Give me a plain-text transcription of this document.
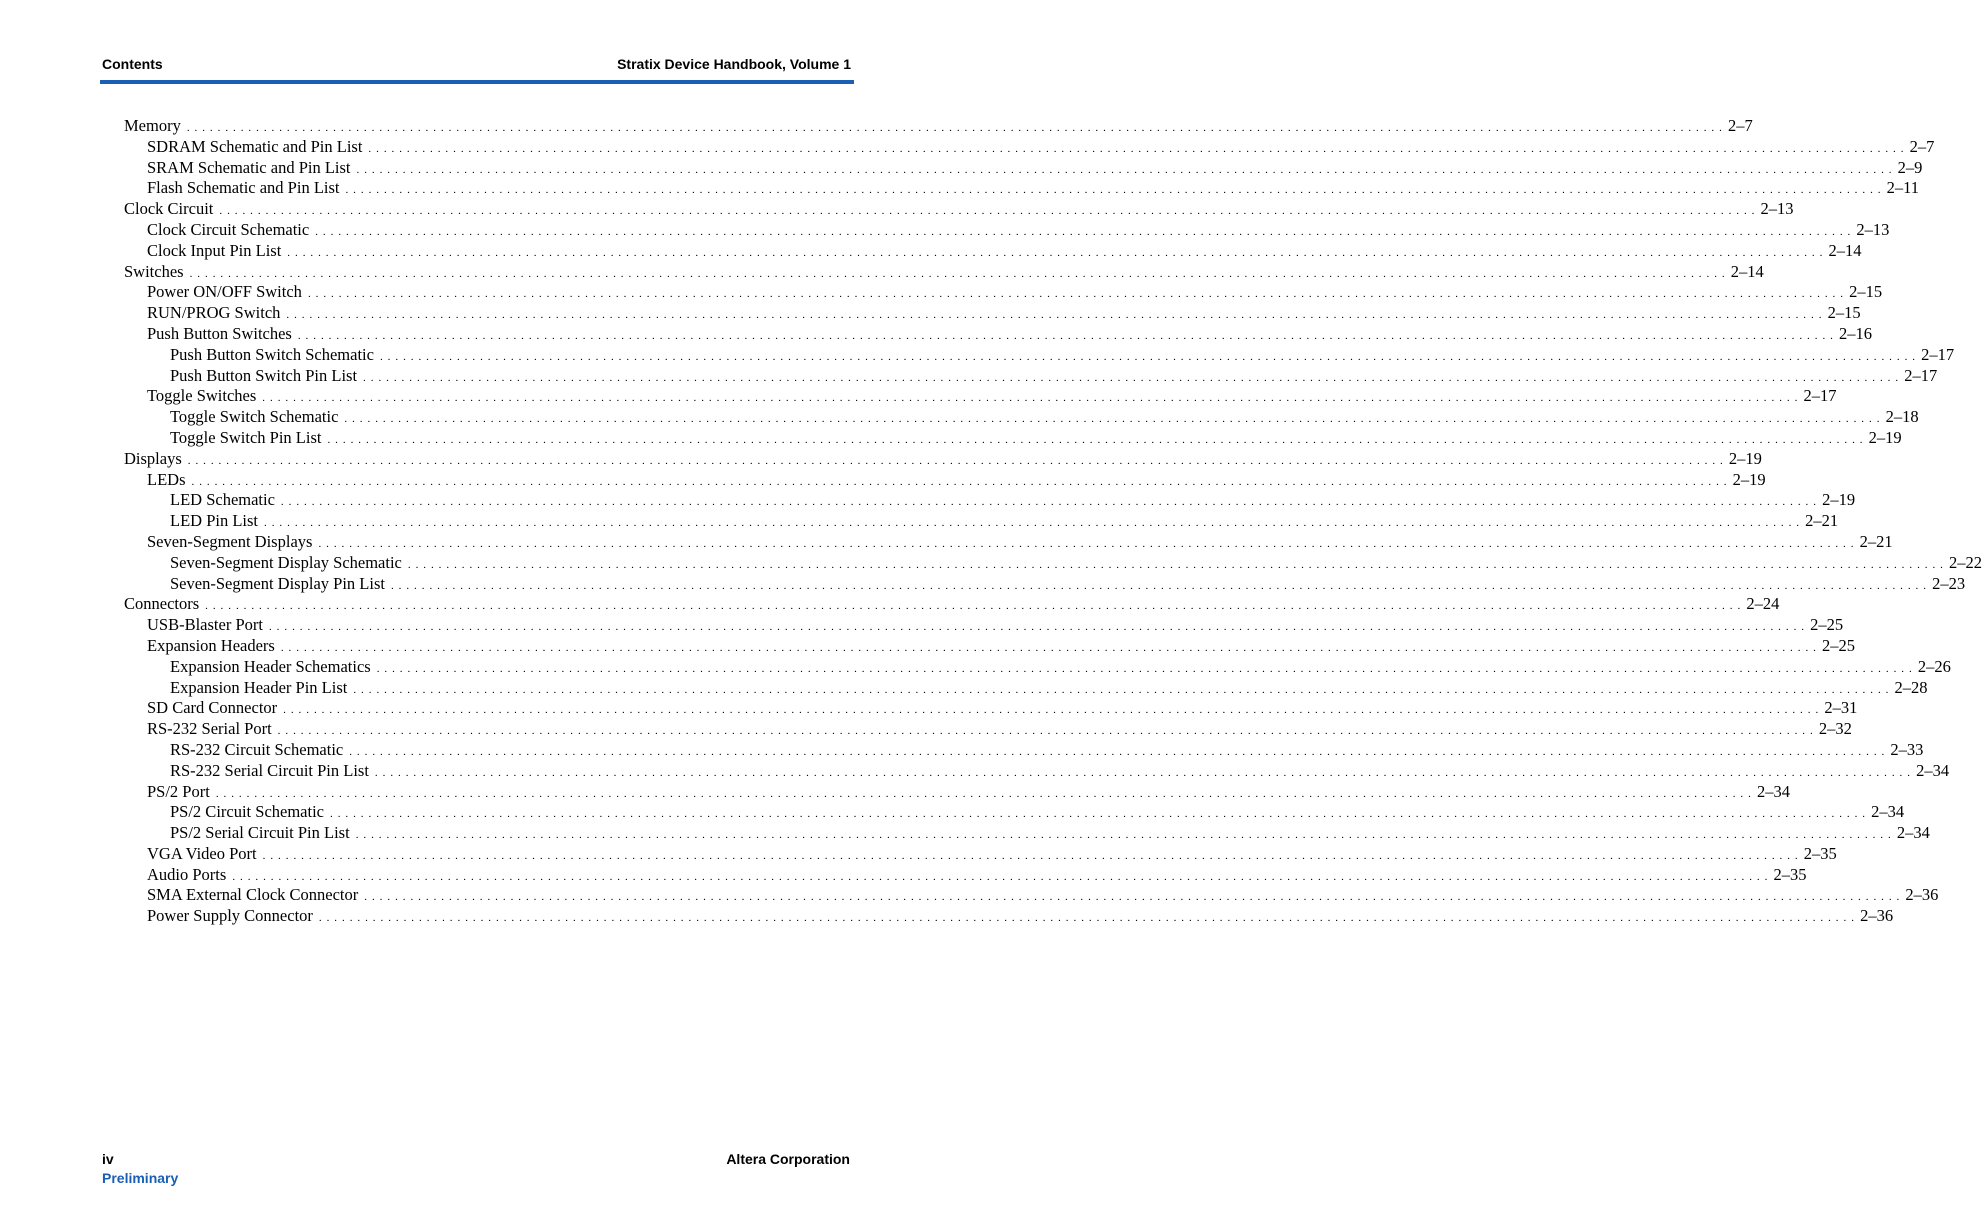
Contents	Stratix Device Handbook, Volume 1
Memory . . . . . . . . . . . . . . . . . . . . . . . . . . . . . . . . . . . . . . . . . . . . . . . . . . . . . . . . . . . . . . . . . . . . . . . . . . . . . . . . . . . . . . . . . . . . . . . . . . . . . . . . . . . . . . . . . . . . . . . . . . . . . . . . . . . . . . . . . . . . . . . . . . . . . . . . . . . . . . . . . . . . . . . . . . . . . . . . . . . . . . . . . . . . . . . . . . . . . . . . 2–7
SDRAM Schematic and Pin List . . . . . . . . . . . . . . . . . . . . . . . . . . . . . . . . . . . . . . . . . . . . . . . . . . . . . . . . . . . . . . . . . . . . . . . . . . . . . . . . . . . . . . . . . . . . . . . . . . . . . . . . . . . . . . . . . . . . . . . . . . . . . . . . . . . . . . . . . . . . . . . . . . . . . . . . . . . . . . . . . . . . . . . . . . . . . . . . . . . . . . . . . . . . . . . . . . . . . . . . 2–7
SRAM Schematic and Pin List . . . . . . . . . . . . . . . . . . . . . . . . . . . . . . . . . . . . . . . . . . . . . . . . . . . . . . . . . . . . . . . . . . . . . . . . . . . . . . . . . . . . . . . . . . . . . . . . . . . . . . . . . . . . . . . . . . . . . . . . . . . . . . . . . . . . . . . . . . . . . . . . . . . . . . . . . . . . . . . . . . . . . . . . . . . . . . . . . . . . . . . . . . . . . . . . . . . . . . . . 2–9
Flash Schematic and Pin List . . . . . . . . . . . . . . . . . . . . . . . . . . . . . . . . . . . . . . . . . . . . . . . . . . . . . . . . . . . . . . . . . . . . . . . . . . . . . . . . . . . . . . . . . . . . . . . . . . . . . . . . . . . . . . . . . . . . . . . . . . . . . . . . . . . . . . . . . . . . . . . . . . . . . . . . . . . . . . . . . . . . . . . . . . . . . . . . . . . . . . . . . . . . . . . . . . . . . . . . 2–11
Clock Circuit . . . . . . . . . . . . . . . . . . . . . . . . . . . . . . . . . . . . . . . . . . . . . . . . . . . . . . . . . . . . . . . . . . . . . . . . . . . . . . . . . . . . . . . . . . . . . . . . . . . . . . . . . . . . . . . . . . . . . . . . . . . . . . . . . . . . . . . . . . . . . . . . . . . . . . . . . . . . . . . . . . . . . . . . . . . . . . . . . . . . . . . . . . . . . . . . . . . . . . . . 2–13
Clock Circuit Schematic . . . . . . . . . . . . . . . . . . . . . . . . . . . . . . . . . . . . . . . . . . . . . . . . . . . . . . . . . . . . . . . . . . . . . . . . . . . . . . . . . . . . . . . . . . . . . . . . . . . . . . . . . . . . . . . . . . . . . . . . . . . . . . . . . . . . . . . . . . . . . . . . . . . . . . . . . . . . . . . . . . . . . . . . . . . . . . . . . . . . . . . . . . . . . . . . . . . . . . . . 2–13
Clock Input Pin List . . . . . . . . . . . . . . . . . . . . . . . . . . . . . . . . . . . . . . . . . . . . . . . . . . . . . . . . . . . . . . . . . . . . . . . . . . . . . . . . . . . . . . . . . . . . . . . . . . . . . . . . . . . . . . . . . . . . . . . . . . . . . . . . . . . . . . . . . . . . . . . . . . . . . . . . . . . . . . . . . . . . . . . . . . . . . . . . . . . . . . . . . . . . . . . . . . . . . . . . 2–14
Switches . . . . . . . . . . . . . . . . . . . . . . . . . . . . . . . . . . . . . . . . . . . . . . . . . . . . . . . . . . . . . . . . . . . . . . . . . . . . . . . . . . . . . . . . . . . . . . . . . . . . . . . . . . . . . . . . . . . . . . . . . . . . . . . . . . . . . . . . . . . . . . . . . . . . . . . . . . . . . . . . . . . . . . . . . . . . . . . . . . . . . . . . . . . . . . . . . . . . . . . . 2–14
Power ON/OFF Switch . . . . . . . . . . . . . . . . . . . . . . . . . . . . . . . . . . . . . . . . . . . . . . . . . . . . . . . . . . . . . . . . . . . . . . . . . . . . . . . . . . . . . . . . . . . . . . . . . . . . . . . . . . . . . . . . . . . . . . . . . . . . . . . . . . . . . . . . . . . . . . . . . . . . . . . . . . . . . . . . . . . . . . . . . . . . . . . . . . . . . . . . . . . . . . . . . . . . . . . . 2–15
RUN/PROG Switch . . . . . . . . . . . . . . . . . . . . . . . . . . . . . . . . . . . . . . . . . . . . . . . . . . . . . . . . . . . . . . . . . . . . . . . . . . . . . . . . . . . . . . . . . . . . . . . . . . . . . . . . . . . . . . . . . . . . . . . . . . . . . . . . . . . . . . . . . . . . . . . . . . . . . . . . . . . . . . . . . . . . . . . . . . . . . . . . . . . . . . . . . . . . . . . . . . . . . . . . 2–15
Push Button Switches . . . . . . . . . . . . . . . . . . . . . . . . . . . . . . . . . . . . . . . . . . . . . . . . . . . . . . . . . . . . . . . . . . . . . . . . . . . . . . . . . . . . . . . . . . . . . . . . . . . . . . . . . . . . . . . . . . . . . . . . . . . . . . . . . . . . . . . . . . . . . . . . . . . . . . . . . . . . . . . . . . . . . . . . . . . . . . . . . . . . . . . . . . . . . . . . . . . . . . . . 2–16
Push Button Switch Schematic . . . . . . . . . . . . . . . . . . . . . . . . . . . . . . . . . . . . . . . . . . . . . . . . . . . . . . . . . . . . . . . . . . . . . . . . . . . . . . . . . . . . . . . . . . . . . . . . . . . . . . . . . . . . . . . . . . . . . . . . . . . . . . . . . . . . . . . . . . . . . . . . . . . . . . . . . . . . . . . . . . . . . . . . . . . . . . . . . . . . . . . . . . . . . . . . . . . . . . . . 2–17
Push Button Switch Pin List . . . . . . . . . . . . . . . . . . . . . . . . . . . . . . . . . . . . . . . . . . . . . . . . . . . . . . . . . . . . . . . . . . . . . . . . . . . . . . . . . . . . . . . . . . . . . . . . . . . . . . . . . . . . . . . . . . . . . . . . . . . . . . . . . . . . . . . . . . . . . . . . . . . . . . . . . . . . . . . . . . . . . . . . . . . . . . . . . . . . . . . . . . . . . . . . . . . . . . . . 2–17
Toggle Switches . . . . . . . . . . . . . . . . . . . . . . . . . . . . . . . . . . . . . . . . . . . . . . . . . . . . . . . . . . . . . . . . . . . . . . . . . . . . . . . . . . . . . . . . . . . . . . . . . . . . . . . . . . . . . . . . . . . . . . . . . . . . . . . . . . . . . . . . . . . . . . . . . . . . . . . . . . . . . . . . . . . . . . . . . . . . . . . . . . . . . . . . . . . . . . . . . . . . . . . . 2–17
Toggle Switch Schematic . . . . . . . . . . . . . . . . . . . . . . . . . . . . . . . . . . . . . . . . . . . . . . . . . . . . . . . . . . . . . . . . . . . . . . . . . . . . . . . . . . . . . . . . . . . . . . . . . . . . . . . . . . . . . . . . . . . . . . . . . . . . . . . . . . . . . . . . . . . . . . . . . . . . . . . . . . . . . . . . . . . . . . . . . . . . . . . . . . . . . . . . . . . . . . . . . . . . . . . . 2–18
Toggle Switch Pin List . . . . . . . . . . . . . . . . . . . . . . . . . . . . . . . . . . . . . . . . . . . . . . . . . . . . . . . . . . . . . . . . . . . . . . . . . . . . . . . . . . . . . . . . . . . . . . . . . . . . . . . . . . . . . . . . . . . . . . . . . . . . . . . . . . . . . . . . . . . . . . . . . . . . . . . . . . . . . . . . . . . . . . . . . . . . . . . . . . . . . . . . . . . . . . . . . . . . . . . . 2–19
Displays . . . . . . . . . . . . . . . . . . . . . . . . . . . . . . . . . . . . . . . . . . . . . . . . . . . . . . . . . . . . . . . . . . . . . . . . . . . . . . . . . . . . . . . . . . . . . . . . . . . . . . . . . . . . . . . . . . . . . . . . . . . . . . . . . . . . . . . . . . . . . . . . . . . . . . . . . . . . . . . . . . . . . . . . . . . . . . . . . . . . . . . . . . . . . . . . . . . . . . . . 2–19
LEDs . . . . . . . . . . . . . . . . . . . . . . . . . . . . . . . . . . . . . . . . . . . . . . . . . . . . . . . . . . . . . . . . . . . . . . . . . . . . . . . . . . . . . . . . . . . . . . . . . . . . . . . . . . . . . . . . . . . . . . . . . . . . . . . . . . . . . . . . . . . . . . . . . . . . . . . . . . . . . . . . . . . . . . . . . . . . . . . . . . . . . . . . . . . . . . . . . . . . . . . . 2–19
LED Schematic . . . . . . . . . . . . . . . . . . . . . . . . . . . . . . . . . . . . . . . . . . . . . . . . . . . . . . . . . . . . . . . . . . . . . . . . . . . . . . . . . . . . . . . . . . . . . . . . . . . . . . . . . . . . . . . . . . . . . . . . . . . . . . . . . . . . . . . . . . . . . . . . . . . . . . . . . . . . . . . . . . . . . . . . . . . . . . . . . . . . . . . . . . . . . . . . . . . . . . . . 2–19
LED Pin List . . . . . . . . . . . . . . . . . . . . . . . . . . . . . . . . . . . . . . . . . . . . . . . . . . . . . . . . . . . . . . . . . . . . . . . . . . . . . . . . . . . . . . . . . . . . . . . . . . . . . . . . . . . . . . . . . . . . . . . . . . . . . . . . . . . . . . . . . . . . . . . . . . . . . . . . . . . . . . . . . . . . . . . . . . . . . . . . . . . . . . . . . . . . . . . . . . . . . . . . 2–21
Seven-Segment Displays . . . . . . . . . . . . . . . . . . . . . . . . . . . . . . . . . . . . . . . . . . . . . . . . . . . . . . . . . . . . . . . . . . . . . . . . . . . . . . . . . . . . . . . . . . . . . . . . . . . . . . . . . . . . . . . . . . . . . . . . . . . . . . . . . . . . . . . . . . . . . . . . . . . . . . . . . . . . . . . . . . . . . . . . . . . . . . . . . . . . . . . . . . . . . . . . . . . . . . . . 2–21
Seven-Segment Display Schematic . . . . . . . . . . . . . . . . . . . . . . . . . . . . . . . . . . . . . . . . . . . . . . . . . . . . . . . . . . . . . . . . . . . . . . . . . . . . . . . . . . . . . . . . . . . . . . . . . . . . . . . . . . . . . . . . . . . . . . . . . . . . . . . . . . . . . . . . . . . . . . . . . . . . . . . . . . . . . . . . . . . . . . . . . . . . . . . . . . . . . . . . . . . . . . . . . . . . . . . . 2–22
Seven-Segment Display Pin List . . . . . . . . . . . . . . . . . . . . . . . . . . . . . . . . . . . . . . . . . . . . . . . . . . . . . . . . . . . . . . . . . . . . . . . . . . . . . . . . . . . . . . . . . . . . . . . . . . . . . . . . . . . . . . . . . . . . . . . . . . . . . . . . . . . . . . . . . . . . . . . . . . . . . . . . . . . . . . . . . . . . . . . . . . . . . . . . . . . . . . . . . . . . . . . . . . . . . . . . 2–23
Connectors . . . . . . . . . . . . . . . . . . . . . . . . . . . . . . . . . . . . . . . . . . . . . . . . . . . . . . . . . . . . . . . . . . . . . . . . . . . . . . . . . . . . . . . . . . . . . . . . . . . . . . . . . . . . . . . . . . . . . . . . . . . . . . . . . . . . . . . . . . . . . . . . . . . . . . . . . . . . . . . . . . . . . . . . . . . . . . . . . . . . . . . . . . . . . . . . . . . . . . . . 2–24
USB-Blaster Port . . . . . . . . . . . . . . . . . . . . . . . . . . . . . . . . . . . . . . . . . . . . . . . . . . . . . . . . . . . . . . . . . . . . . . . . . . . . . . . . . . . . . . . . . . . . . . . . . . . . . . . . . . . . . . . . . . . . . . . . . . . . . . . . . . . . . . . . . . . . . . . . . . . . . . . . . . . . . . . . . . . . . . . . . . . . . . . . . . . . . . . . . . . . . . . . . . . . . . . . 2–25
Expansion Headers . . . . . . . . . . . . . . . . . . . . . . . . . . . . . . . . . . . . . . . . . . . . . . . . . . . . . . . . . . . . . . . . . . . . . . . . . . . . . . . . . . . . . . . . . . . . . . . . . . . . . . . . . . . . . . . . . . . . . . . . . . . . . . . . . . . . . . . . . . . . . . . . . . . . . . . . . . . . . . . . . . . . . . . . . . . . . . . . . . . . . . . . . . . . . . . . . . . . . . . . 2–25
Expansion Header Schematics . . . . . . . . . . . . . . . . . . . . . . . . . . . . . . . . . . . . . . . . . . . . . . . . . . . . . . . . . . . . . . . . . . . . . . . . . . . . . . . . . . . . . . . . . . . . . . . . . . . . . . . . . . . . . . . . . . . . . . . . . . . . . . . . . . . . . . . . . . . . . . . . . . . . . . . . . . . . . . . . . . . . . . . . . . . . . . . . . . . . . . . . . . . . . . . . . . . . . . . . 2–26
Expansion Header Pin List . . . . . . . . . . . . . . . . . . . . . . . . . . . . . . . . . . . . . . . . . . . . . . . . . . . . . . . . . . . . . . . . . . . . . . . . . . . . . . . . . . . . . . . . . . . . . . . . . . . . . . . . . . . . . . . . . . . . . . . . . . . . . . . . . . . . . . . . . . . . . . . . . . . . . . . . . . . . . . . . . . . . . . . . . . . . . . . . . . . . . . . . . . . . . . . . . . . . . . . . 2–28
SD Card Connector . . . . . . . . . . . . . . . . . . . . . . . . . . . . . . . . . . . . . . . . . . . . . . . . . . . . . . . . . . . . . . . . . . . . . . . . . . . . . . . . . . . . . . . . . . . . . . . . . . . . . . . . . . . . . . . . . . . . . . . . . . . . . . . . . . . . . . . . . . . . . . . . . . . . . . . . . . . . . . . . . . . . . . . . . . . . . . . . . . . . . . . . . . . . . . . . . . . . . . . . 2–31
RS-232 Serial Port . . . . . . . . . . . . . . . . . . . . . . . . . . . . . . . . . . . . . . . . . . . . . . . . . . . . . . . . . . . . . . . . . . . . . . . . . . . . . . . . . . . . . . . . . . . . . . . . . . . . . . . . . . . . . . . . . . . . . . . . . . . . . . . . . . . . . . . . . . . . . . . . . . . . . . . . . . . . . . . . . . . . . . . . . . . . . . . . . . . . . . . . . . . . . . . . . . . . . . . . 2–32
RS-232 Circuit Schematic . . . . . . . . . . . . . . . . . . . . . . . . . . . . . . . . . . . . . . . . . . . . . . . . . . . . . . . . . . . . . . . . . . . . . . . . . . . . . . . . . . . . . . . . . . . . . . . . . . . . . . . . . . . . . . . . . . . . . . . . . . . . . . . . . . . . . . . . . . . . . . . . . . . . . . . . . . . . . . . . . . . . . . . . . . . . . . . . . . . . . . . . . . . . . . . . . . . . . . . . 2–33
RS-232 Serial Circuit Pin List . . . . . . . . . . . . . . . . . . . . . . . . . . . . . . . . . . . . . . . . . . . . . . . . . . . . . . . . . . . . . . . . . . . . . . . . . . . . . . . . . . . . . . . . . . . . . . . . . . . . . . . . . . . . . . . . . . . . . . . . . . . . . . . . . . . . . . . . . . . . . . . . . . . . . . . . . . . . . . . . . . . . . . . . . . . . . . . . . . . . . . . . . . . . . . . . . . . . . . . . 2–34
PS/2 Port . . . . . . . . . . . . . . . . . . . . . . . . . . . . . . . . . . . . . . . . . . . . . . . . . . . . . . . . . . . . . . . . . . . . . . . . . . . . . . . . . . . . . . . . . . . . . . . . . . . . . . . . . . . . . . . . . . . . . . . . . . . . . . . . . . . . . . . . . . . . . . . . . . . . . . . . . . . . . . . . . . . . . . . . . . . . . . . . . . . . . . . . . . . . . . . . . . . . . . . . 2–34
PS/2 Circuit Schematic . . . . . . . . . . . . . . . . . . . . . . . . . . . . . . . . . . . . . . . . . . . . . . . . . . . . . . . . . . . . . . . . . . . . . . . . . . . . . . . . . . . . . . . . . . . . . . . . . . . . . . . . . . . . . . . . . . . . . . . . . . . . . . . . . . . . . . . . . . . . . . . . . . . . . . . . . . . . . . . . . . . . . . . . . . . . . . . . . . . . . . . . . . . . . . . . . . . . . . . . 2–34
PS/2 Serial Circuit Pin List . . . . . . . . . . . . . . . . . . . . . . . . . . . . . . . . . . . . . . . . . . . . . . . . . . . . . . . . . . . . . . . . . . . . . . . . . . . . . . . . . . . . . . . . . . . . . . . . . . . . . . . . . . . . . . . . . . . . . . . . . . . . . . . . . . . . . . . . . . . . . . . . . . . . . . . . . . . . . . . . . . . . . . . . . . . . . . . . . . . . . . . . . . . . . . . . . . . . . . . . 2–34
VGA Video Port . . . . . . . . . . . . . . . . . . . . . . . . . . . . . . . . . . . . . . . . . . . . . . . . . . . . . . . . . . . . . . . . . . . . . . . . . . . . . . . . . . . . . . . . . . . . . . . . . . . . . . . . . . . . . . . . . . . . . . . . . . . . . . . . . . . . . . . . . . . . . . . . . . . . . . . . . . . . . . . . . . . . . . . . . . . . . . . . . . . . . . . . . . . . . . . . . . . . . . . . 2–35
Audio Ports . . . . . . . . . . . . . . . . . . . . . . . . . . . . . . . . . . . . . . . . . . . . . . . . . . . . . . . . . . . . . . . . . . . . . . . . . . . . . . . . . . . . . . . . . . . . . . . . . . . . . . . . . . . . . . . . . . . . . . . . . . . . . . . . . . . . . . . . . . . . . . . . . . . . . . . . . . . . . . . . . . . . . . . . . . . . . . . . . . . . . . . . . . . . . . . . . . . . . . . . 2–35
SMA External Clock Connector . . . . . . . . . . . . . . . . . . . . . . . . . . . . . . . . . . . . . . . . . . . . . . . . . . . . . . . . . . . . . . . . . . . . . . . . . . . . . . . . . . . . . . . . . . . . . . . . . . . . . . . . . . . . . . . . . . . . . . . . . . . . . . . . . . . . . . . . . . . . . . . . . . . . . . . . . . . . . . . . . . . . . . . . . . . . . . . . . . . . . . . . . . . . . . . . . . . . . . . . 2–36
Power Supply Connector . . . . . . . . . . . . . . . . . . . . . . . . . . . . . . . . . . . . . . . . . . . . . . . . . . . . . . . . . . . . . . . . . . . . . . . . . . . . . . . . . . . . . . . . . . . . . . . . . . . . . . . . . . . . . . . . . . . . . . . . . . . . . . . . . . . . . . . . . . . . . . . . . . . . . . . . . . . . . . . . . . . . . . . . . . . . . . . . . . . . . . . . . . . . . . . . . . . . . . . . 2–36
iv	Altera Corporation
Preliminary
